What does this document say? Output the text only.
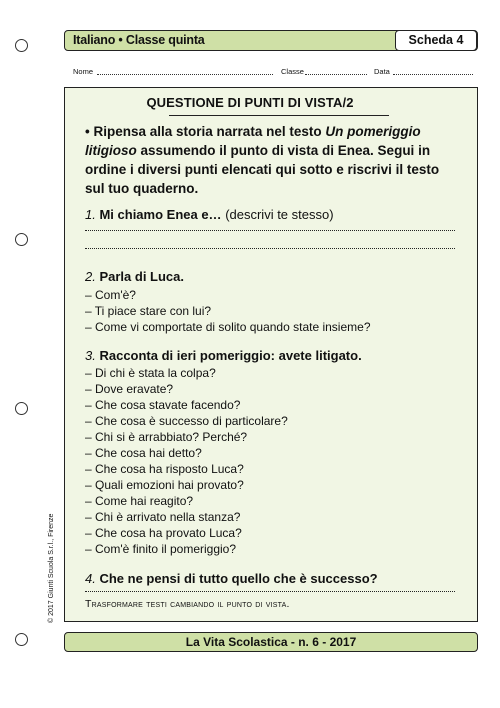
Italiano • Classe quinta	Scheda 4
Nome	Classe	Data
QUESTIONE DI PUNTI DI VISTA/2
• Ripensa alla storia narrata nel testo Un pomeriggio litigioso assumendo il punto di vista di Enea. Segui in ordine i diversi punti elencati qui sotto e riscrivi il testo sul tuo quaderno.
1. Mi chiamo Enea e… (descrivi te stesso)
2. Parla di Luca.
– Com'è?
– Ti piace stare con lui?
– Come vi comportate di solito quando state insieme?
3. Racconta di ieri pomeriggio: avete litigato.
– Di chi è stata la colpa?
– Dove eravate?
– Che cosa stavate facendo?
– Che cosa è successo di particolare?
– Chi si è arrabbiato? Perché?
– Che cosa hai detto?
– Che cosa ha risposto Luca?
– Quali emozioni hai provato?
– Come hai reagito?
– Chi è arrivato nella stanza?
– Che cosa ha provato Luca?
– Com'è finito il pomeriggio?
4. Che ne pensi di tutto quello che è successo?
Trasformare testi cambiando il punto di vista.
La Vita Scolastica - n. 6 - 2017
© 2017 Giunti Scuola S.r.l., Firenze
